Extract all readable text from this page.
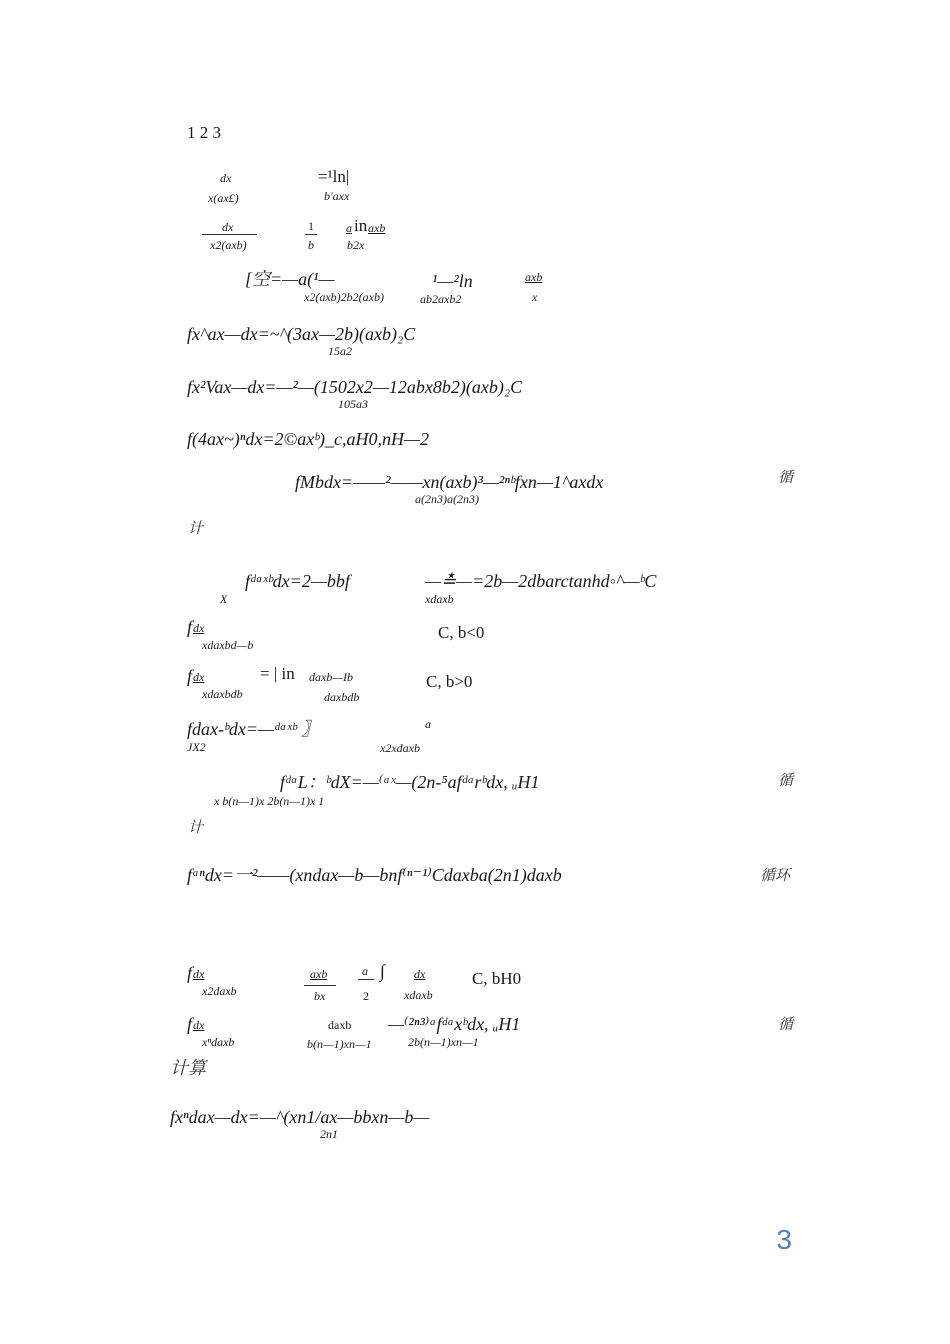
1 2 3
dx
x(ax£)
=¹ln|
b'axx
dx
x2(axb)
1
b
a in axb
b2x
[空=—a(¹—
x2(axb)2b2(axb)
¹—²ln
ab2axb2
axb
x
fx^ax—dx=~^(3ax—2b)(axb)₂C
15a2
fx²Vax—dx=—²—(1502x2—12abx8b2)(axb)₂C
105a3
f(4ax~)ⁿdx=2©axᵇ)_c,aH0,nH—2
fMbdx=——²——xn(axb)³—²ⁿᵇfxn—1^axdx
a(2n3)a(2n3)
循
计
fᵈᵃˣᵇdx=2—bbf
X
—≛—=2b—2dbarctanhd◦^—ᵇC
xdaxb
f dx
xdaxbd—b
C, b<0
f dx
xdaxbdb
= | in daxb—Ib
daxbdb
C, b>0
fdax-ᵇdx=—ᵈᵃˣᵇ 〗
JX2
a
x2xdaxb
fᵈᵃL：ᵇdX=—⁽ᵃˣ—(2n-⁵afᵈᵃrᵇdx, ᵤH1
x b(n—1)x 2b(n—1)x 1
循
计
fᵃⁿdx=一²——(xndax—b—bnf⁽ⁿ⁻¹⁾Cdaxba(2n1)daxb	循环
f dx
x2daxb
axb
bx
a
2
∫ dx
xdaxb
C, bH0
f dx
xⁿdaxb
daxb
b(n—1)xn—1
—⁽²ⁿ³⁾ᵃfᵈᵃxᵇdx, ᵤH1
2b(n—1)xn—1
循
计算
fxⁿdax—dx=—^(xn1/ax—bbxn—b—
2n1
3
